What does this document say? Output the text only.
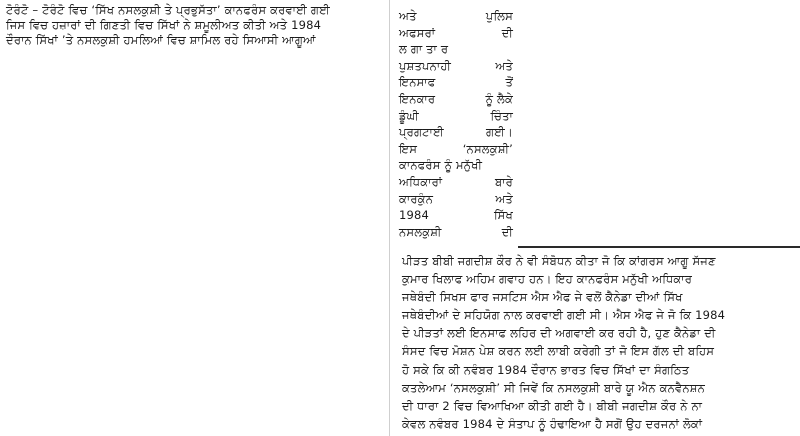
ਟੋਰੰਟੋ – ਟੋਰੰਟੋ ਵਿਚ ‘ਸਿੱਖ ਨਸਲਕੁਸ਼ੀ ਤੇ ਪ੍ਰਭੁਸੱਤਾ’ ਕਾਨਫਰੰਸ ਕਰਵਾਈ ਗਈ
ਜਿਸ ਵਿਚ ਹਜ਼ਾਰਾਂ ਦੀ ਗਿਣਤੀ ਵਿਚ ਸਿੱਖਾਂ ਨੇ ਸ਼ਮੂਲੀਅਤ ਕੀਤੀ ਅਤੇ 1984
ਦੌਰਾਨ ਸਿੱਖਾਂ ’ਤੇ ਨਸਲਕੁਸ਼ੀ ਹਮਲਿਆਂ ਵਿਚ ਸ਼ਾਮਿਲ ਰਹੇ ਸਿਆਸੀ ਆਗੂਆਂ
ਅਤੇ	ਪੁਲਿਸ
ਅਫਸਰਾਂ	ਦੀ
ਲ ਗਾ ਤਾ ਰ
ਪੁਸ਼ਤਪਨਾਹੀ	ਅਤੇ
ਇਨਸਾਫ	ਤੋਂ
ਇਨਕਾਰ	ਨੂੰ ਲੈਕੇ
ਡੂੰਘੀ	ਚਿੰਤਾ
ਪ੍ਰਗਟਾਈ	ਗਈ।
ਇਸ	‘ਨਸਲਕੁਸ਼ੀ’
ਕਾਨਫਰੰਸ ਨੂੰ ਮਨੁੱਖੀ
ਅਧਿਕਾਰਾਂ	ਬਾਰੇ
ਕਾਰਕੁੰਨ	ਅਤੇ
1984	ਸਿੱਖ
ਨਸਲਕੁਸ਼ੀ	ਦੀ
ਪੀੜਤ ਬੀਬੀ ਜਗਦੀਸ਼ ਕੌਰ ਨੇ ਵੀ ਸੰਬੋਧਨ ਕੀਤਾ ਜੋ ਕਿ ਕਾਂਗਰਸ ਆਗੂ ਸੱਜਣ
ਕੁਮਾਰ ਖਿਲਾਫ ਅਹਿਮ ਗਵਾਹ ਹਨ। ਇਹ ਕਾਨਫਰੰਸ ਮਨੁੱਖੀ ਅਧਿਕਾਰ
ਜਥੇਬੰਦੀ ਸਿਖਸ ਫਾਰ ਜਸਟਿਸ ਐਸ ਐਫ ਜੇ ਵਲੋਂ ਕੈਨੇਡਾ ਦੀਆਂ ਸਿੱਖ
ਜਥੇਬੰਦੀਆਂ ਦੇ ਸਹਿਯੋਗ ਨਾਲ ਕਰਵਾਈ ਗਈ ਸੀ। ਐਸ ਐਫ ਜੇ ਜੋ ਕਿ 1984
ਦੇ ਪੀੜਤਾਂ ਲਈ ਇਨਸਾਫ ਲਹਿਰ ਦੀ ਅਗਵਾਈ ਕਰ ਰਹੀ ਹੈ, ਹੁਣ ਕੈਨੇਡਾ ਦੀ
ਸੰਸਦ ਵਿਚ ਮੋਸ਼ਨ ਪੇਸ਼ ਕਰਨ ਲਈ ਲਾਬੀ ਕਰੇਗੀ ਤਾਂ ਜੋ ਇਸ ਗੱਲ ਦੀ ਬਹਿਸ
ਹੋ ਸਕੇ ਕਿ ਕੀ ਨਵੰਬਰ 1984 ਦੌਰਾਨ ਭਾਰਤ ਵਿਚ ਸਿੱਖਾਂ ਦਾ ਸੰਗਠਿਤ
ਕਤਲੇਆਮ ‘ਨਸਲਕੁਸ਼ੀ’ ਸੀ ਜਿਵੇਂ ਕਿ ਨਸਲਕੁਸ਼ੀ ਬਾਰੇ ਯੂ ਐਨ ਕਨਵੈਨਸ਼ਨ
ਦੀ ਧਾਰਾ 2 ਵਿਚ ਵਿਆਖਿਆ ਕੀਤੀ ਗਈ ਹੈ। ਬੀਬੀ ਜਗਦੀਸ਼ ਕੌਰ ਨੇ ਨਾ
ਕੇਵਲ ਨਵੰਬਰ 1984 ਦੇ ਸੰਤਾਪ ਨੂੰ ਹੰਢਾਇਆ ਹੈ ਸਗੋਂ ਉਹ ਦਰਜਨਾਂ ਲੋਕਾਂ
